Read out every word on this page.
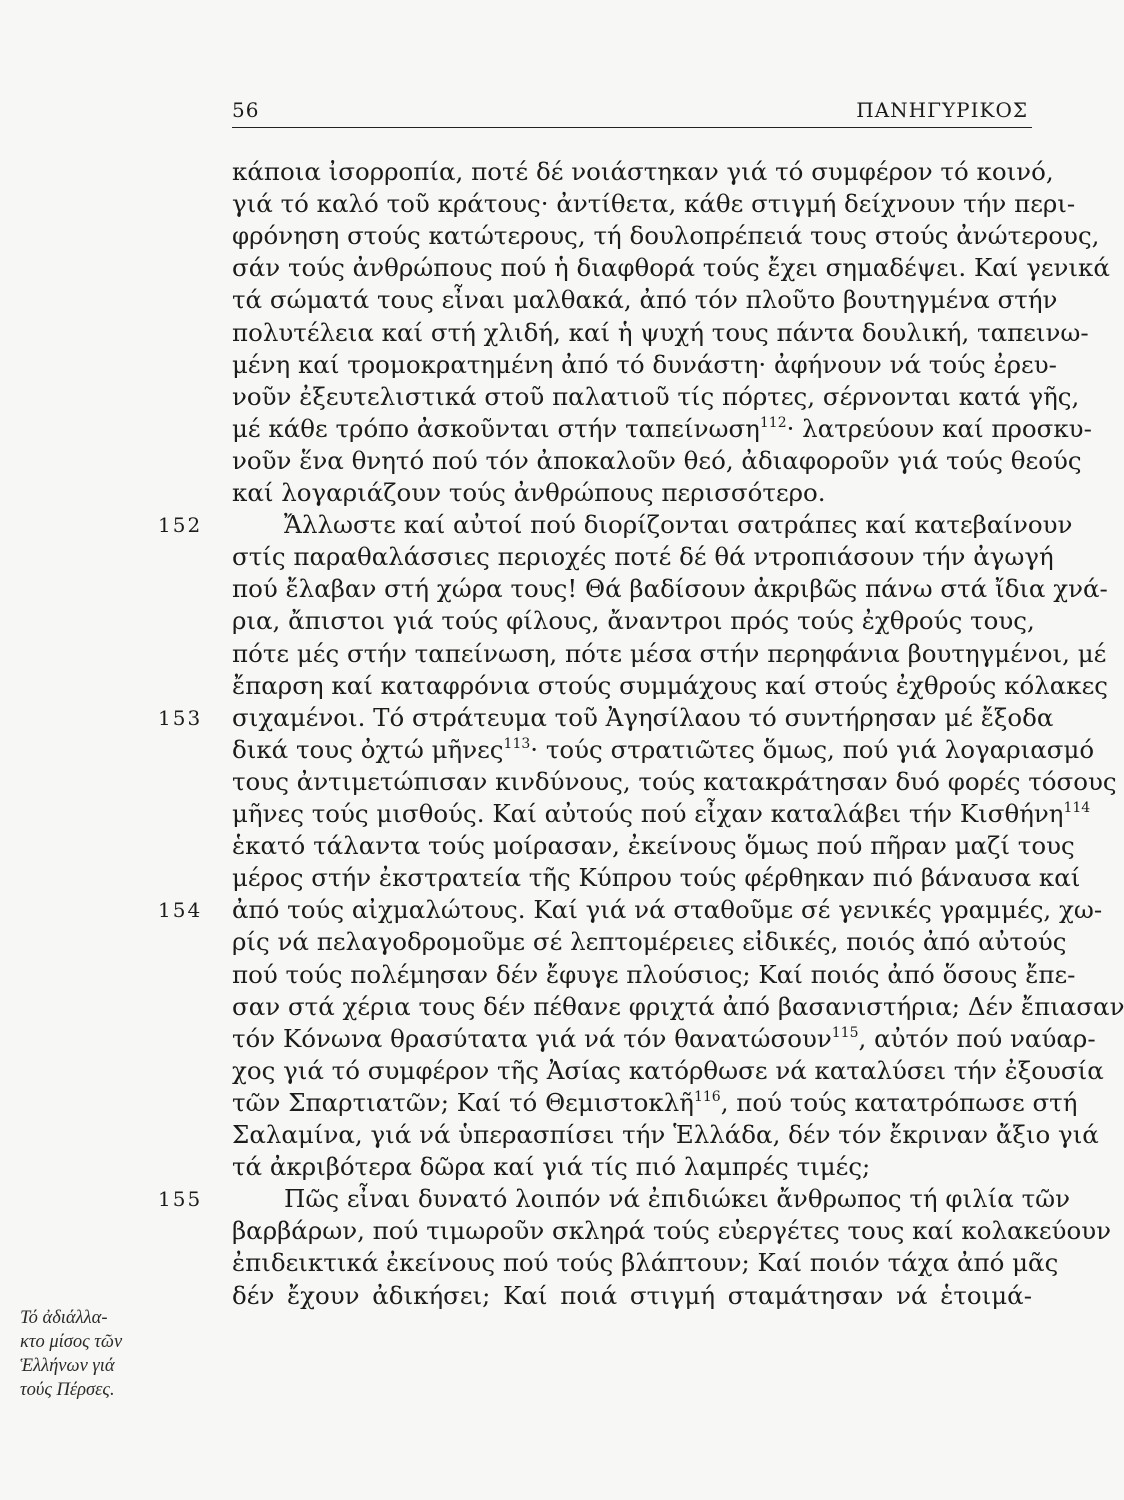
56	ΠΑΝΗΓΥΡΙΚΟΣ
κάποια ἰσορροπία, ποτέ δέ νοιάστηκαν γιά τό συμφέρον τό κοινό,
γιά τό καλό τοῦ κράτους· ἀντίθετα, κάθε στιγμή δείχνουν τήν περι-
φρόνηση στούς κατώτερους, τή δουλοπρέπειά τους στούς ἀνώτερους,
σάν τούς ἀνθρώπους πού ἡ διαφθορά τούς ἔχει σημαδέψει. Καί γενικά
τά σώματά τους εἶναι μαλθακά, ἀπό τόν πλοῦτο βουτηγμένα στήν
πολυτέλεια καί στή χλιδή, καί ἡ ψυχή τους πάντα δουλική, ταπεινω-
μένη καί τρομοκρατημένη ἀπό τό δυνάστη· ἀφήνουν νά τούς ἐρευ-
νοῦν ἐξευτελιστικά στοῦ παλατιοῦ τίς πόρτες, σέρνονται κατά γῆς,
μέ κάθε τρόπο ἀσκοῦνται στήν ταπείνωση$^{112}$· λατρεύουν καί προσκυ-
νοῦν ἕνα θνητό πού τόν ἀποκαλοῦν θεό, ἀδιαφοροῦν γιά τούς θεούς
καί λογαριάζουν τούς ἀνθρώπους περισσότερο.
Ἄλλωστε καί αὐτοί πού διορίζονται σατράπες καί κατεβαίνουν
152
στίς παραθαλάσσιες περιοχές ποτέ δέ θά ντροπιάσουν τήν ἀγωγή
πού ἔλαβαν στή χώρα τους! Θά βαδίσουν ἀκριβῶς πάνω στά ἴδια χνά-
ρια, ἄπιστοι γιά τούς φίλους, ἄναντροι πρός τούς ἐχθρούς τους,
πότε μές στήν ταπείνωση, πότε μέσα στήν περηφάνια βουτηγμένοι, μέ
ἔπαρση καί καταφρόνια στούς συμμάχους καί στούς ἐχθρούς κόλακες
σιχαμένοι. Τό στράτευμα τοῦ Ἀγησίλαου τό συντήρησαν μέ ἔξοδα
153
δικά τους ὀχτώ μῆνες$^{113}$· τούς στρατιῶτες ὅμως, πού γιά λογαριασμό
τους ἀντιμετώπισαν κινδύνους, τούς κατακράτησαν δυό φορές τόσους
μῆνες τούς μισθούς. Καί αὐτούς πού εἶχαν καταλάβει τήν Κισθήνη$^{114}$
ἑκατό τάλαντα τούς μοίρασαν, ἐκείνους ὅμως πού πῆραν μαζί τους
μέρος στήν ἐκστρατεία τῆς Κύπρου τούς φέρθηκαν πιό βάναυσα καί
ἀπό τούς αἰχμαλώτους. Καί γιά νά σταθοῦμε σέ γενικές γραμμές, χω-
154
ρίς νά πελαγοδρομοῦμε σέ λεπτομέρειες εἰδικές, ποιός ἀπό αὐτούς
πού τούς πολέμησαν δέν ἔφυγε πλούσιος; Καί ποιός ἀπό ὅσους ἔπε-
σαν στά χέρια τους δέν πέθανε φριχτά ἀπό βασανιστήρια; Δέν ἔπιασαν
τόν Κόνωνα θρασύτατα γιά νά τόν θανατώσουν$^{115}$, αὐτόν πού ναύαρ-
χος γιά τό συμφέρον τῆς Ἀσίας κατόρθωσε νά καταλύσει τήν ἐξουσία
τῶν Σπαρτιατῶν; Καί τό Θεμιστοκλῆ$^{116}$, πού τούς κατατρόπωσε στή
Σαλαμίνα, γιά νά ὑπερασπίσει τήν Ἑλλάδα, δέν τόν ἔκριναν ἄξιο γιά
τά ἀκριβότερα δῶρα καί γιά τίς πιό λαμπρές τιμές;
Πῶς εἶναι δυνατό λοιπόν νά ἐπιδιώκει ἄνθρωπος τή φιλία τῶν
155
βαρβάρων, πού τιμωροῦν σκληρά τούς εὐεργέτες τους καί κολακεύουν
ἐπιδεικτικά ἐκείνους πού τούς βλάπτουν; Καί ποιόν τάχα ἀπό μᾶς
δέν ἔχουν ἀδικήσει; Καί ποιά στιγμή σταμάτησαν νά ἑτοιμά-
Τό ἀδιάλλα-
κτο μίσος τῶν
Ἑλλήνων γιά
τούς Πέρσες.
